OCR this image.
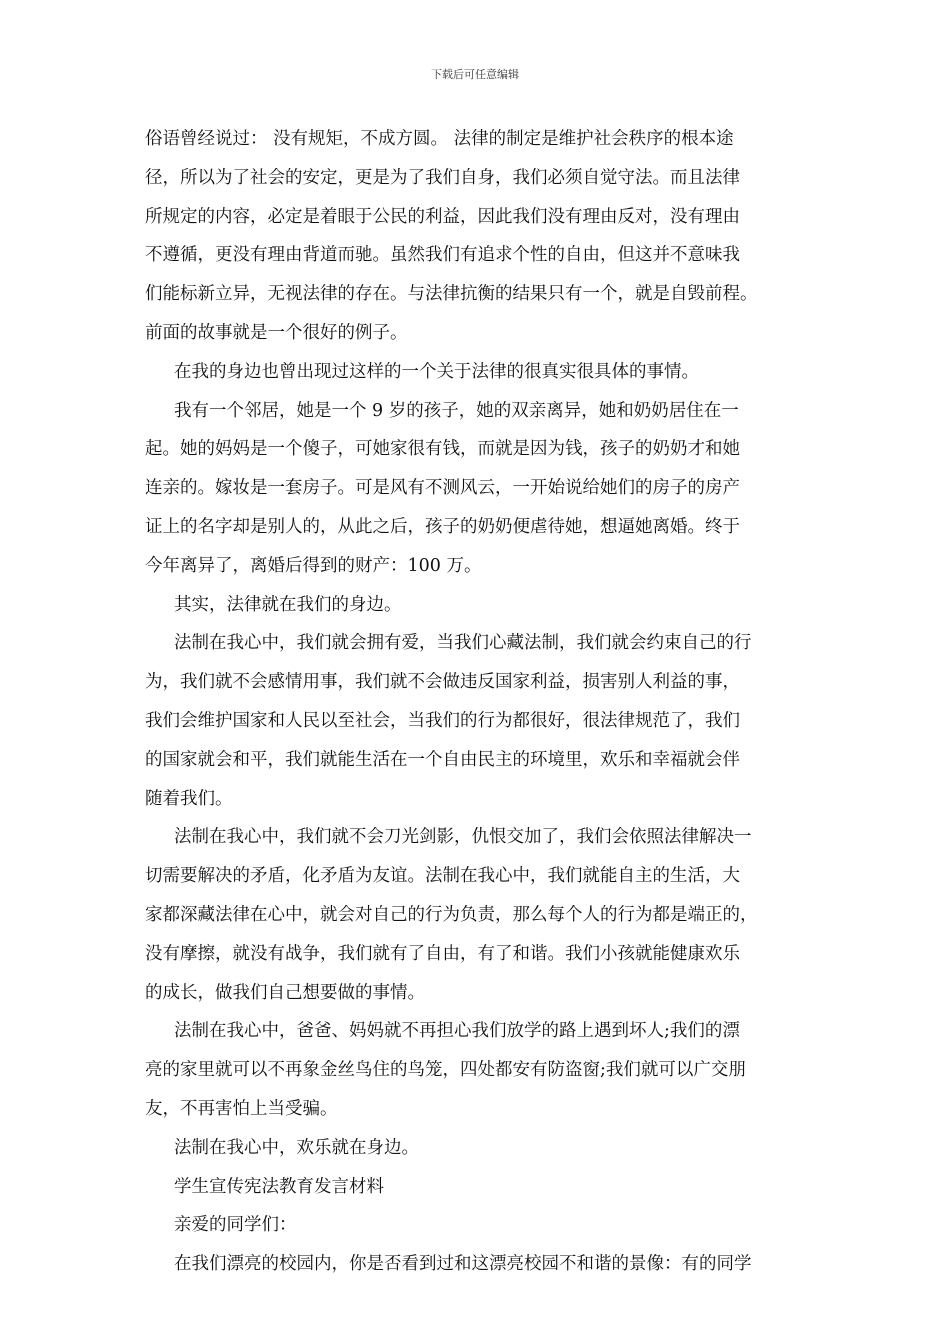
下载后可任意编辑
俗语曾经说过： 没有规矩，不成方圆。 法律的制定是维护社会秩序的根本途
径，所以为了社会的安定，更是为了我们自身，我们必须自觉守法。而且法律
所规定的内容，必定是着眼于公民的利益，因此我们没有理由反对，没有理由
不遵循，更没有理由背道而驰。虽然我们有追求个性的自由，但这并不意味我
们能标新立异，无视法律的存在。与法律抗衡的结果只有一个，就是自毁前程。
前面的故事就是一个很好的例子。
在我的身边也曾出现过这样的一个关于法律的很真实很具体的事情。
我有一个邻居，她是一个 9 岁的孩子，她的双亲离异，她和奶奶居住在一
起。她的妈妈是一个傻子，可她家很有钱，而就是因为钱，孩子的奶奶才和她
连亲的。嫁妆是一套房子。可是风有不测风云，一开始说给她们的房子的房产
证上的名字却是别人的，从此之后，孩子的奶奶便虐待她，想逼她离婚。终于
今年离异了，离婚后得到的财产：100 万。
其实，法律就在我们的身边。
法制在我心中，我们就会拥有爱，当我们心藏法制，我们就会约束自己的行
为，我们就不会感情用事，我们就不会做违反国家利益，损害别人利益的事，
我们会维护国家和人民以至社会，当我们的行为都很好，很法律规范了，我们
的国家就会和平，我们就能生活在一个自由民主的环境里，欢乐和幸福就会伴
随着我们。
法制在我心中，我们就不会刀光剑影，仇恨交加了，我们会依照法律解决一
切需要解决的矛盾，化矛盾为友谊。法制在我心中，我们就能自主的生活，大
家都深藏法律在心中，就会对自己的行为负责，那么每个人的行为都是端正的，
没有摩擦，就没有战争，我们就有了自由，有了和谐。我们小孩就能健康欢乐
的成长，做我们自己想要做的事情。
法制在我心中，爸爸、妈妈就不再担心我们放学的路上遇到坏人;我们的漂
亮的家里就可以不再象金丝鸟住的鸟笼，四处都安有防盗窗;我们就可以广交朋
友，不再害怕上当受骗。
法制在我心中，欢乐就在身边。
学生宣传宪法教育发言材料
亲爱的同学们：
在我们漂亮的校园内，你是否看到过和这漂亮校园不和谐的景像：有的同学
